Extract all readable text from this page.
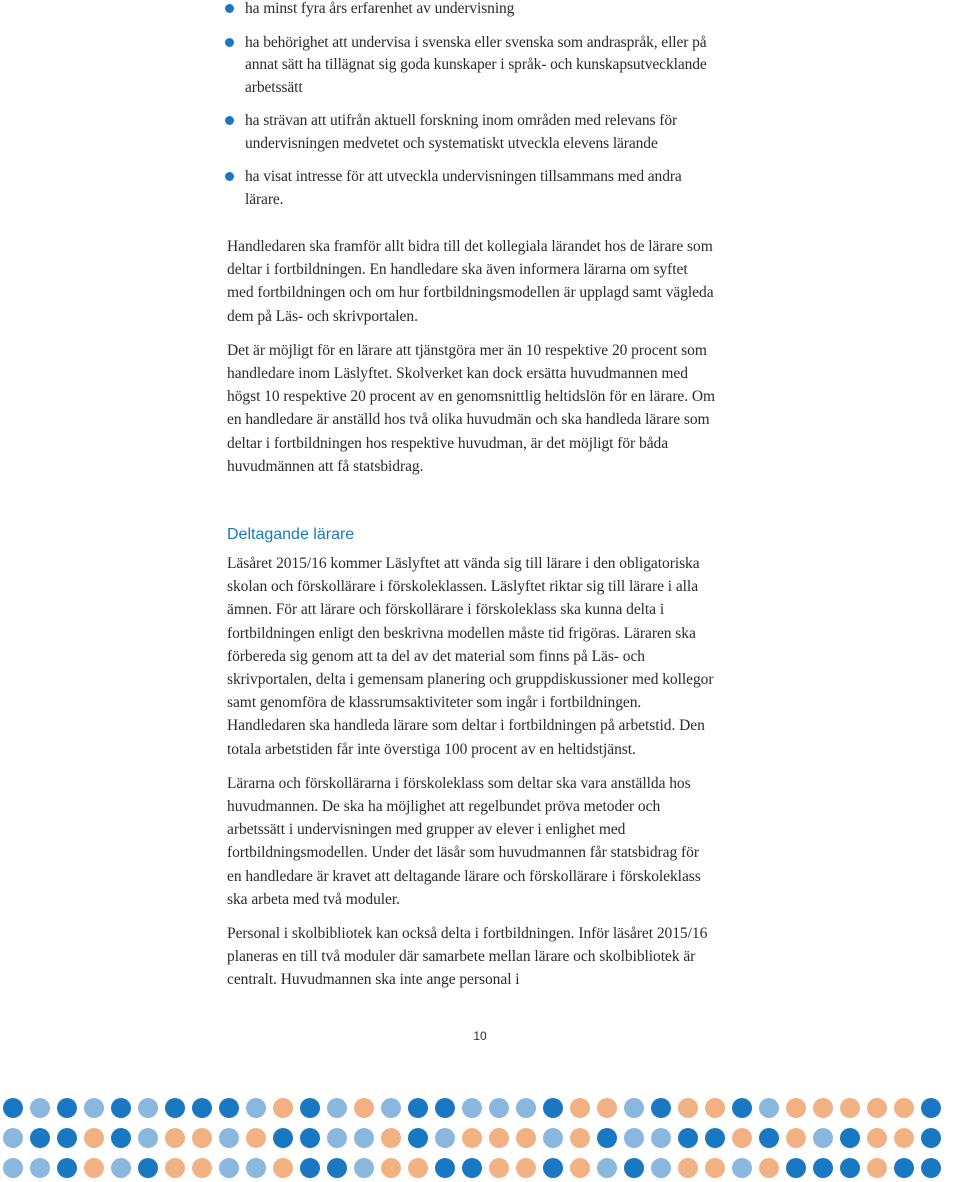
ha minst fyra års erfarenhet av undervisning
ha behörighet att undervisa i svenska eller svenska som andraspråk, eller på annat sätt ha tillägnat sig goda kunskaper i språk- och kunskapsutvecklande arbetssätt
ha strävan att utifrån aktuell forskning inom områden med relevans för undervisningen medvetet och systematiskt utveckla elevens lärande
ha visat intresse för att utveckla undervisningen tillsammans med andra lärare.

Handledaren ska framför allt bidra till det kollegiala lärandet hos de lärare som deltar i fortbildningen. En handledare ska även informera lärarna om syftet med fortbildningen och om hur fortbildningsmodellen är upplagd samt vägleda dem på Läs- och skrivportalen.

Det är möjligt för en lärare att tjänstgöra mer än 10 respektive 20 procent som handledare inom Läslyftet. Skolverket kan dock ersätta huvudmannen med högst 10 respektive 20 procent av en genomsnittlig heltidslön för en lärare. Om en handledare är anställd hos två olika huvudmän och ska handleda lärare som deltar i fortbildningen hos respektive huvudman, är det möjligt för båda huvudmännen att få statsbidrag.

Deltagande lärare

Läsåret 2015/16 kommer Läslyftet att vända sig till lärare i den obligatoriska skolan och förskollärare i förskoleklassen. Läslyftet riktar sig till lärare i alla ämnen. För att lärare och förskollärare i förskoleklass ska kunna delta i fortbildningen enligt den beskrivna modellen måste tid frigöras. Läraren ska förbereda sig genom att ta del av det material som finns på Läs- och skrivportalen, delta i gemensam planering och gruppdiskussioner med kollegor samt genomföra de klassrumsaktiviteter som ingår i fortbildningen. Handledaren ska handleda lärare som deltar i fortbildningen på arbetstid. Den totala arbetstiden får inte överstiga 100 procent av en heltidstjänst.

Lärarna och förskollärarna i förskoleklass som deltar ska vara anställda hos huvudmannen. De ska ha möjlighet att regelbundet pröva metoder och arbetssätt i undervisningen med grupper av elever i enlighet med fortbildningsmodellen. Under det läsår som huvudmannen får statsbidrag för en handledare är kravet att deltagande lärare och förskollärare i förskoleklass ska arbeta med två moduler.

Personal i skolbibliotek kan också delta i fortbildningen. Inför läsåret 2015/16 planeras en till två moduler där samarbete mellan lärare och skolbibliotek är centralt. Huvudmannen ska inte ange personal i

10
